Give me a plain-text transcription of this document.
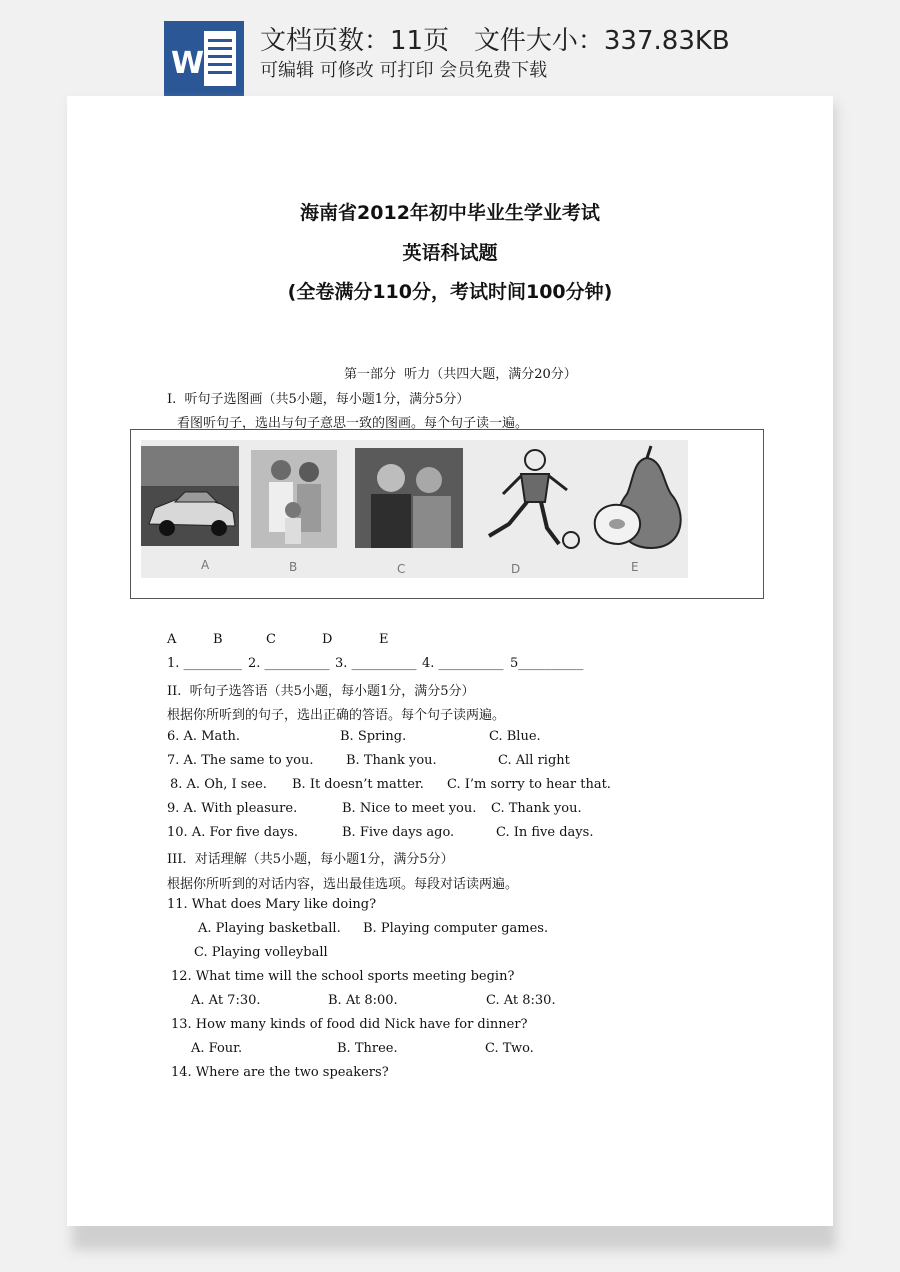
W
文档页数：11页 文件大小：337.83KB
可编辑 可修改 可打印 会员免费下载
海南省2012年初中毕业生学业考试
英语科试题
(全卷满分110分，考试时间100分钟)
第一部分  听力（共四大题，满分20分）
I.  听句子选图画（共5小题，每小题1分，满分5分）
看图听句子，选出与句子意思一致的图画。每个句子读一遍。
A	B	C	D	E
A	B	C	D	E
1. _________ 2. __________ 3. __________ 4. __________ 5__________
II.  听句子选答语（共5小题，每小题1分，满分5分）
根据你所听到的句子，选出正确的答语。每个句子读两遍。
6. A. Math.	B. Spring.	C. Blue.
7. A. The same to you.	B. Thank you.	C. All right
8. A. Oh, I see. B. It doesn’t matter. C. I’m sorry to hear that.
9. A. With pleasure.	B. Nice to meet you. C. Thank you.
10. A. For five days.	B. Five days ago.	C. In five days.
III.  对话理解（共5小题，每小题1分，满分5分）
根据你所听到的对话内容，选出最佳选项。每段对话读两遍。
11. What does Mary like doing?
A. Playing basketball. B. Playing computer games.
C. Playing volleyball
12. What time will the school sports meeting begin?
A. At 7:30.	B. At 8:00.	C. At 8:30.
13. How many kinds of food did Nick have for dinner?
A. Four.	B. Three.	C. Two.
14. Where are the two speakers?
